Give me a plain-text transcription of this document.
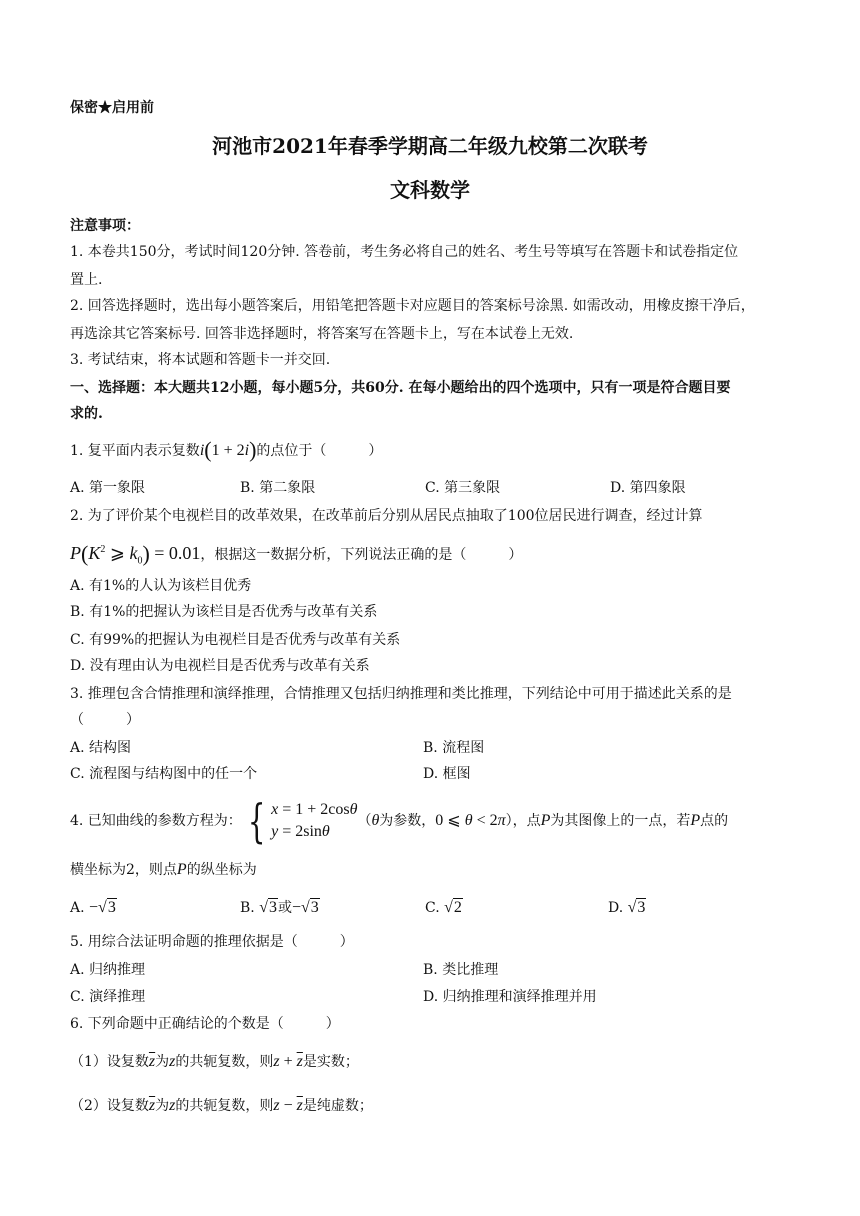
保密★启用前
河池市2021年春季学期高二年级九校第二次联考
文科数学
注意事项：
1. 本卷共150分，考试时间120分钟. 答卷前，考生务必将自己的姓名、考生号等填写在答题卡和试卷指定位
置上.
2. 回答选择题时，选出每小题答案后，用铅笔把答题卡对应题目的答案标号涂黑. 如需改动，用橡皮擦干净后，
再选涂其它答案标号. 回答非选择题时，将答案写在答题卡上，写在本试卷上无效.
3. 考试结束，将本试题和答题卡一并交回.
一、选择题：本大题共12小题，每小题5分，共60分. 在每小题给出的四个选项中，只有一项是符合题目要
求的.
1. 复平面内表示复数i(1 + 2i)的点位于（　　　）
A. 第一象限	B. 第二象限	C. 第三象限	D. 第四象限
2. 为了评价某个电视栏目的改革效果，在改革前后分别从居民点抽取了100位居民进行调查，经过计算
$P(K^2$ ⩾ $k_0) = 0.01$，根据这一数据分析，下列说法正确的是（　　　）
A. 有1%的人认为该栏目优秀
B. 有1%的把握认为该栏目是否优秀与改革有关系
C. 有99%的把握认为电视栏目是否优秀与改革有关系
D. 没有理由认为电视栏目是否优秀与改革有关系
3. 推理包含合情推理和演绎推理，合情推理又包括归纳推理和类比推理，下列结论中可用于描述此关系的是
（　　　）
A. 结构图	B. 流程图
C. 流程图与结构图中的任一个	D. 框图
4. 已知曲线的参数方程为： { x = 1 + 2cosθ
y = 2sinθ（θ为参数，0 ⩽ θ < 2π），点P为其图像上的一点，若P点的
横坐标为2，则点P的纵坐标为
A. −√3	B. √3或−√3	C. √2	D. √3
5. 用综合法证明命题的推理依据是（　　　）
A. 归纳推理	B. 类比推理
C. 演绎推理	D. 归纳推理和演绎推理并用
6. 下列命题中正确结论的个数是（　　　）
（1）设复数$\overline{z}$为z的共轭复数，则$z + \overline{z}$是实数；
（2）设复数$\overline{z}$为z的共轭复数，则$z - \overline{z}$是纯虚数；
